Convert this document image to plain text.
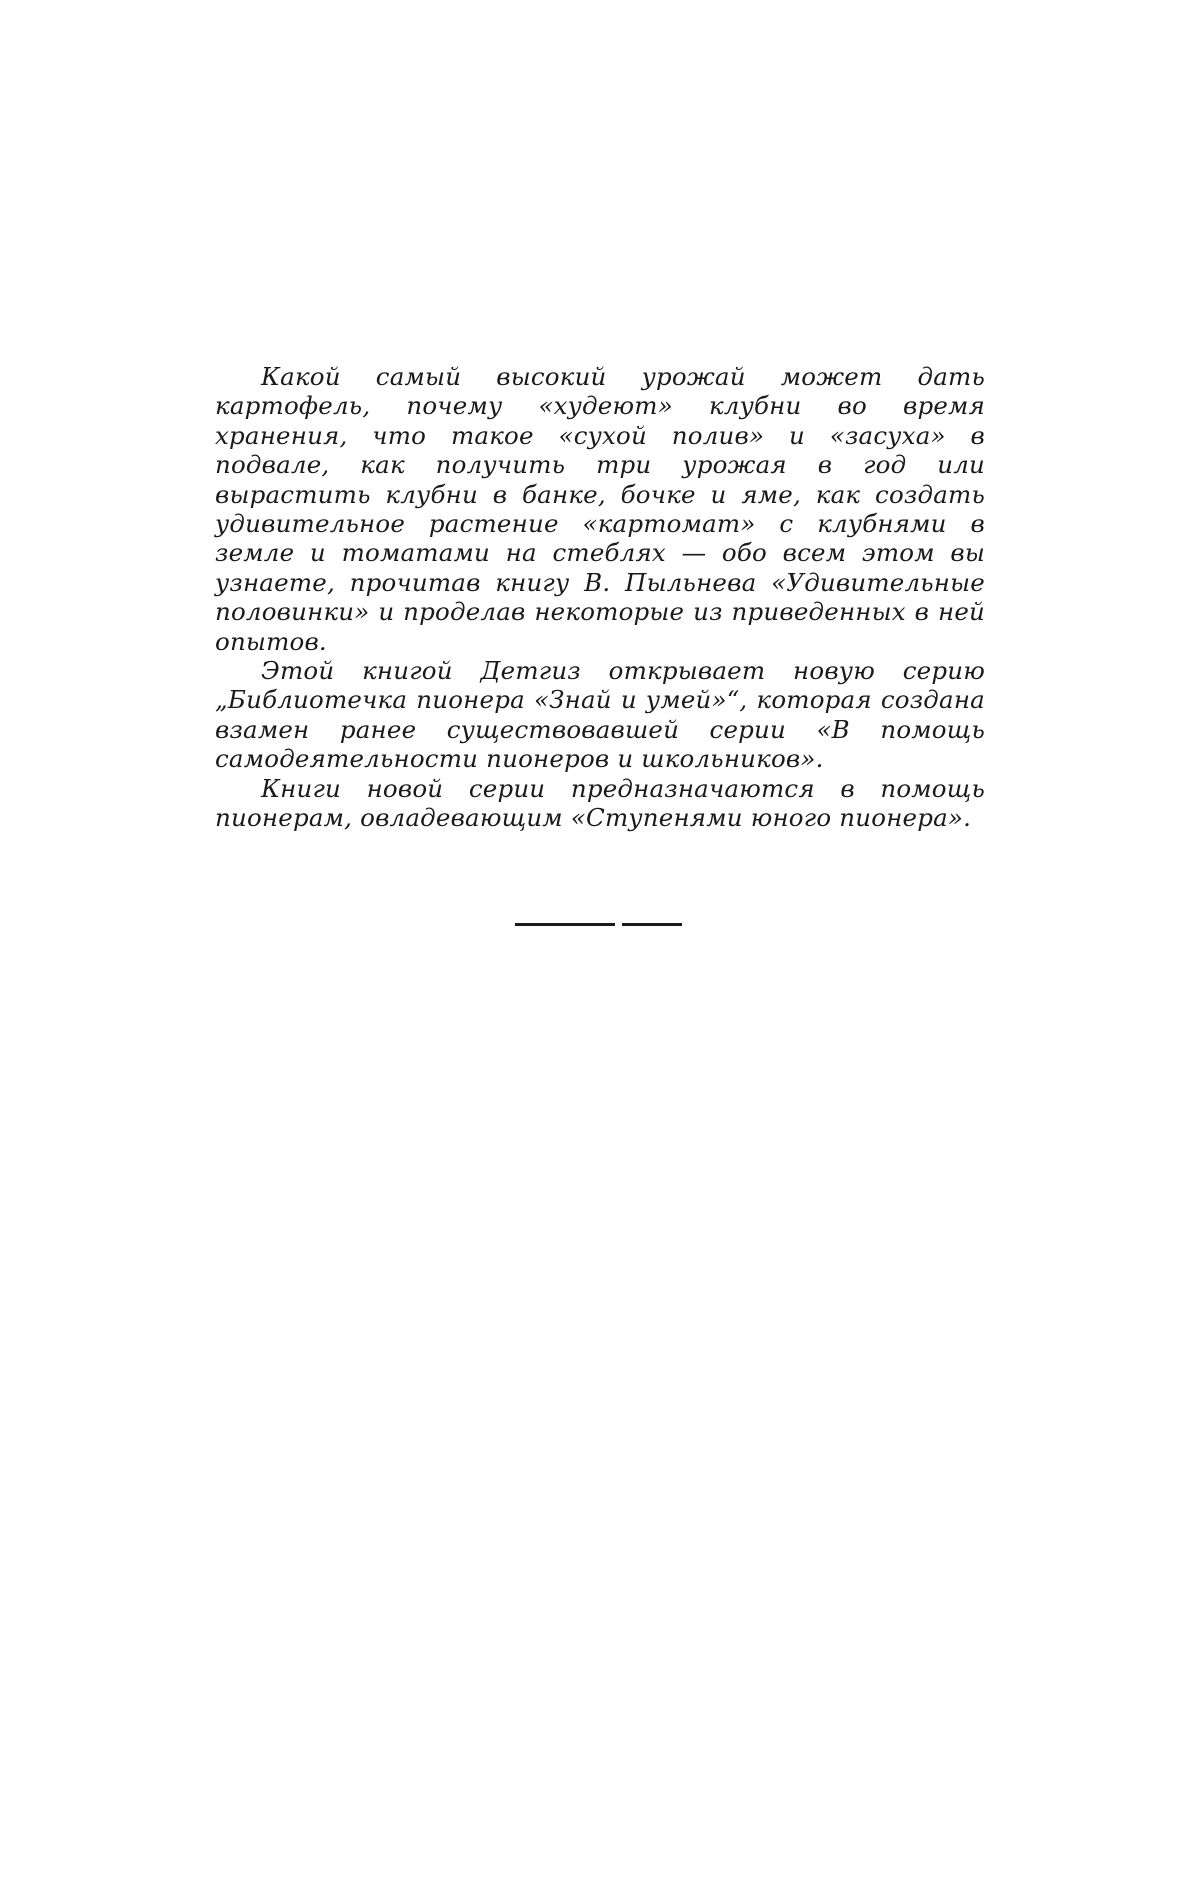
Какой самый высокий урожай может дать картофель, почему «худеют» клубни во время хранения, что такое «сухой полив» и «засуха» в подвале, как получить три урожая в год или вырастить клубни в банке, бочке и яме, как создать удивительное растение «картомат» с клубнями в земле и томатами на стеблях — обо всем этом вы узнаете, прочитав книгу В. Пыльнева «Удивительные половинки» и проделав некоторые из приведенных в ней опытов.

Этой книгой Детгиз открывает новую серию „Библиотечка пионера «Знай и умей»“, которая создана взамен ранее существовавшей серии «В помощь самодеятельности пионеров и школьников».

Книги новой серии предназначаются в помощь пионерам, овладевающим «Ступенями юного пионера».
